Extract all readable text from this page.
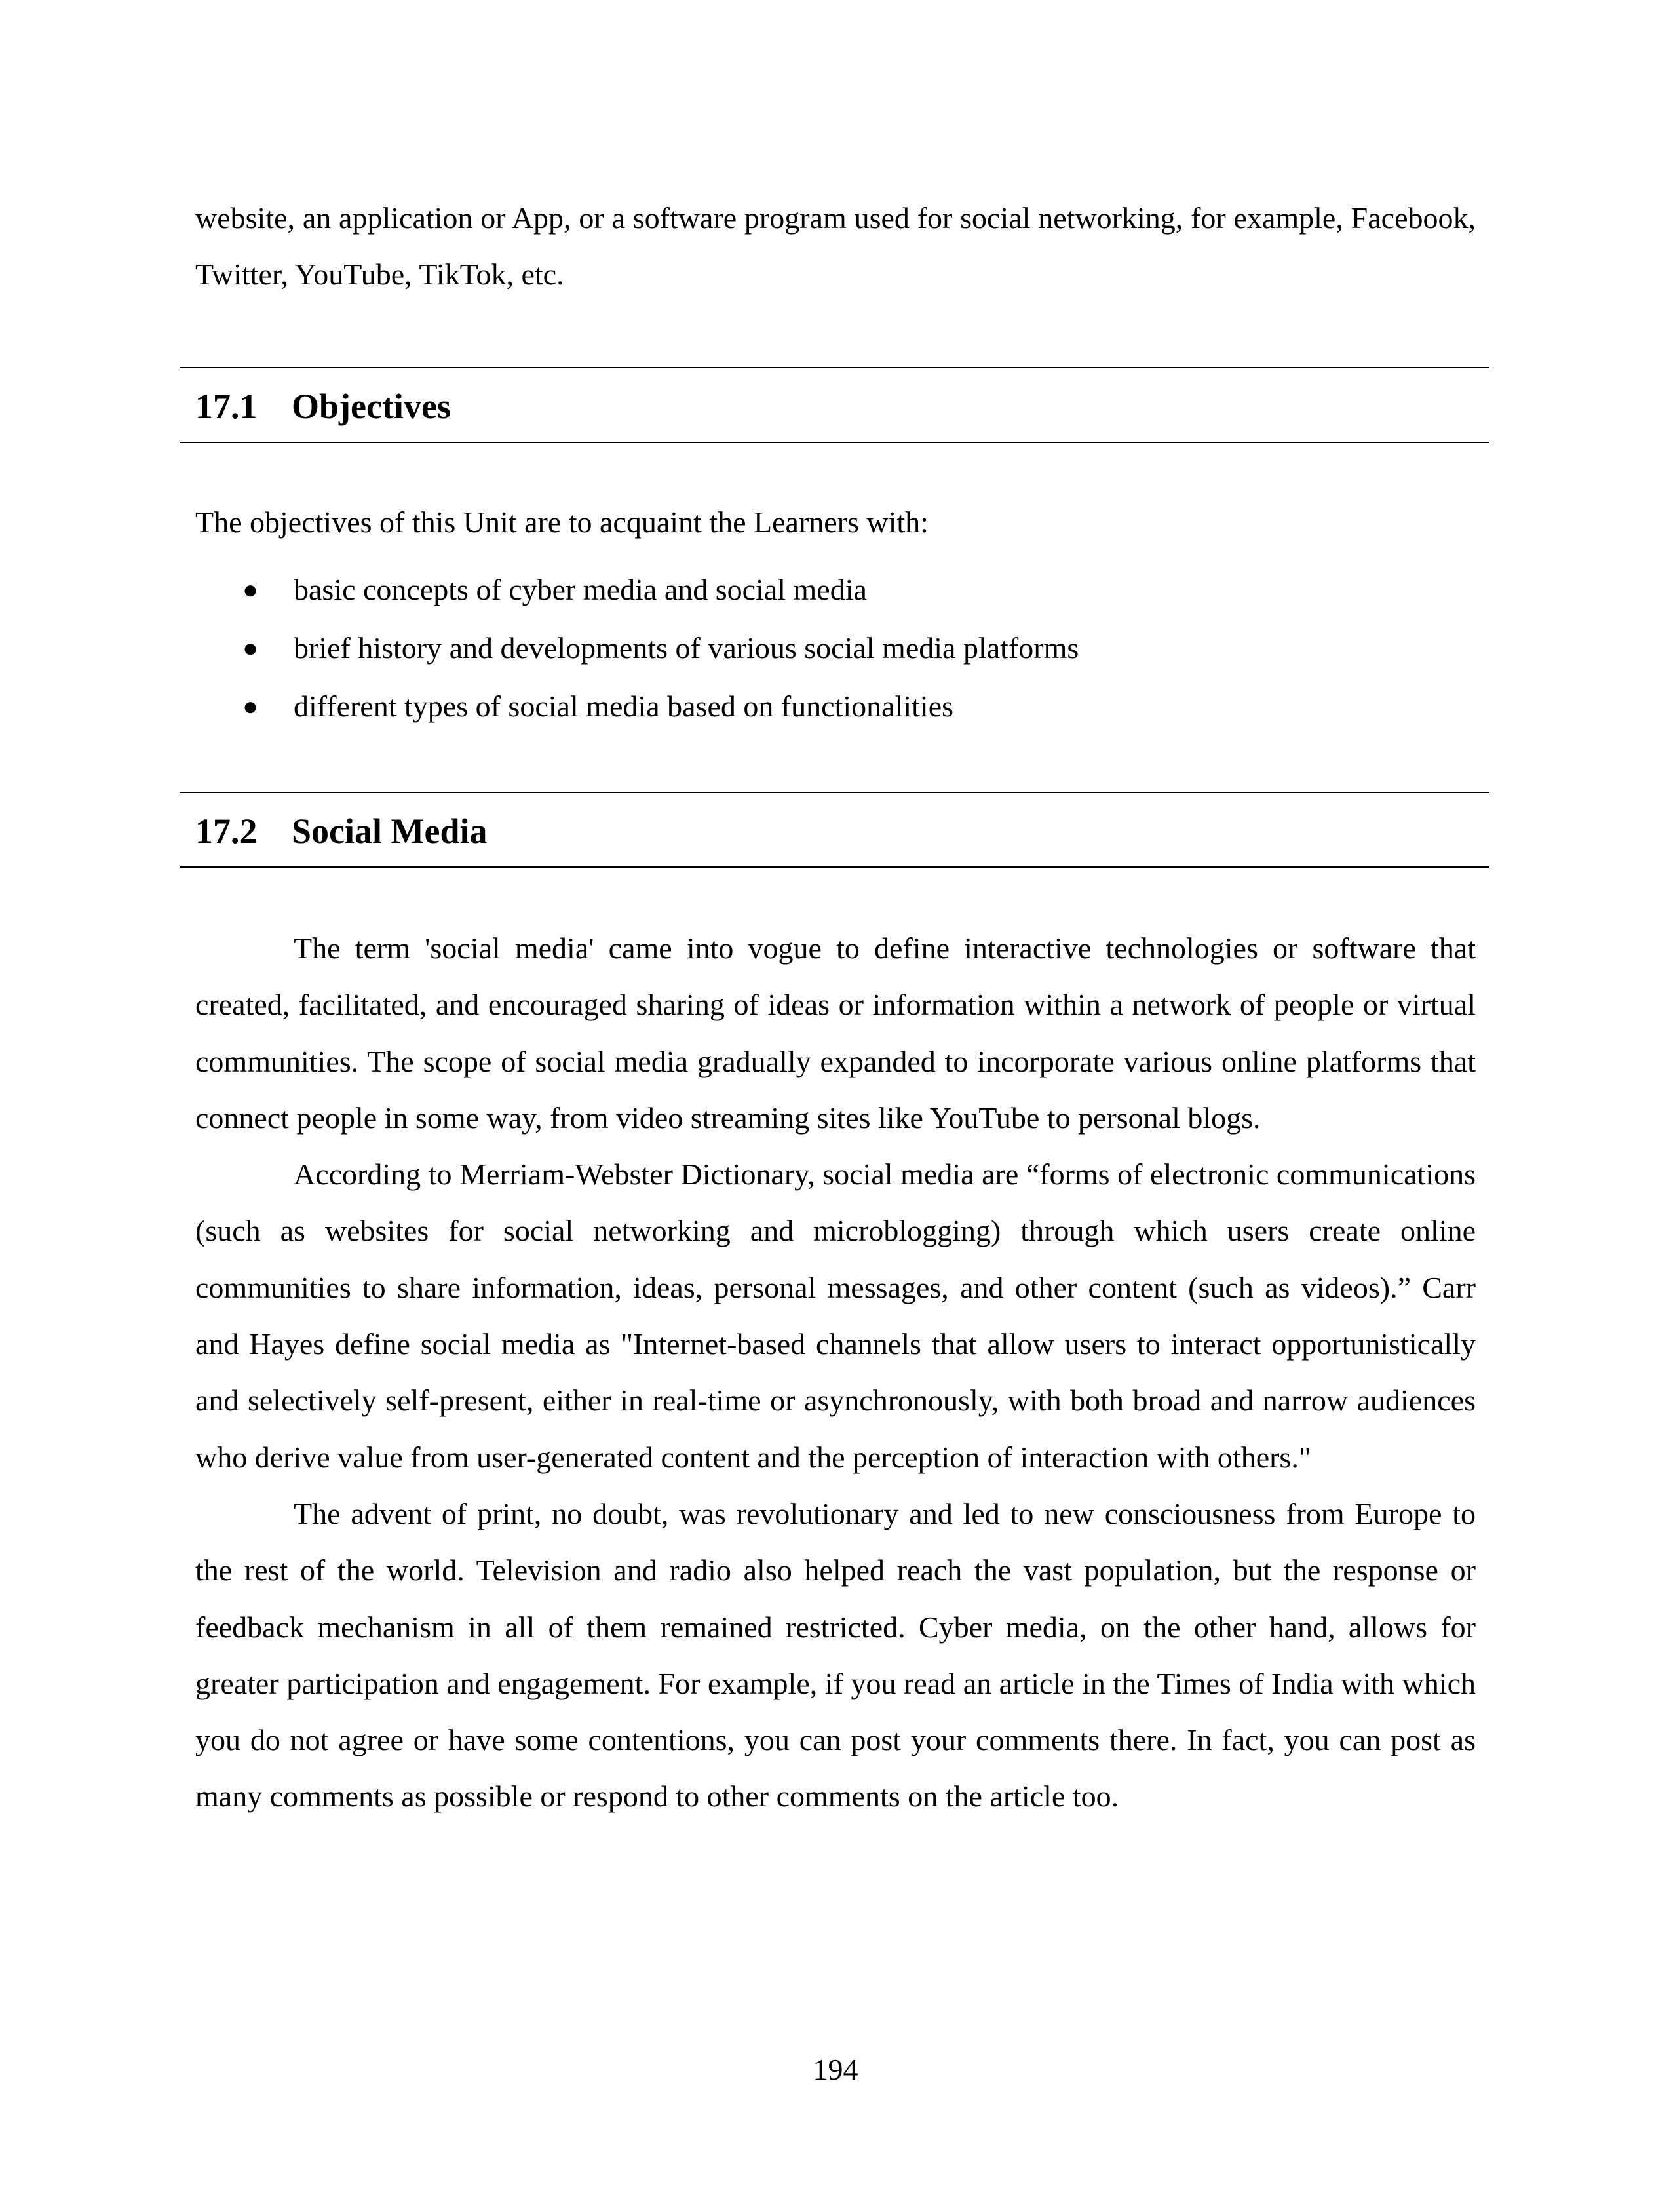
website, an application or App, or a software program used for social networking, for example, Facebook, Twitter, YouTube, TikTok, etc.

17.1 Objectives

The objectives of this Unit are to acquaint the Learners with:

● basic concepts of cyber media and social media
● brief history and developments of various social media platforms
● different types of social media based on functionalities
17.2 Social Media

The term 'social media' came into vogue to define interactive technologies or software that created, facilitated, and encouraged sharing of ideas or information within a network of people or virtual communities. The scope of social media gradually expanded to incorporate various online platforms that connect people in some way, from video streaming sites like YouTube to personal blogs.

According to Merriam-Webster Dictionary, social media are “forms of electronic communications (such as websites for social networking and microblogging) through which users create online communities to share information, ideas, personal messages, and other content (such as videos).” Carr and Hayes define social media as "Internet-based channels that allow users to interact opportunistically and selectively self-present, either in real-time or asynchronously, with both broad and narrow audiences who derive value from user-generated content and the perception of interaction with others."

The advent of print, no doubt, was revolutionary and led to new consciousness from Europe to the rest of the world. Television and radio also helped reach the vast population, but the response or feedback mechanism in all of them remained restricted. Cyber media, on the other hand, allows for greater participation and engagement. For example, if you read an article in the Times of India with which you do not agree or have some contentions, you can post your comments there. In fact, you can post as many comments as possible or respond to other comments on the article too.

194
